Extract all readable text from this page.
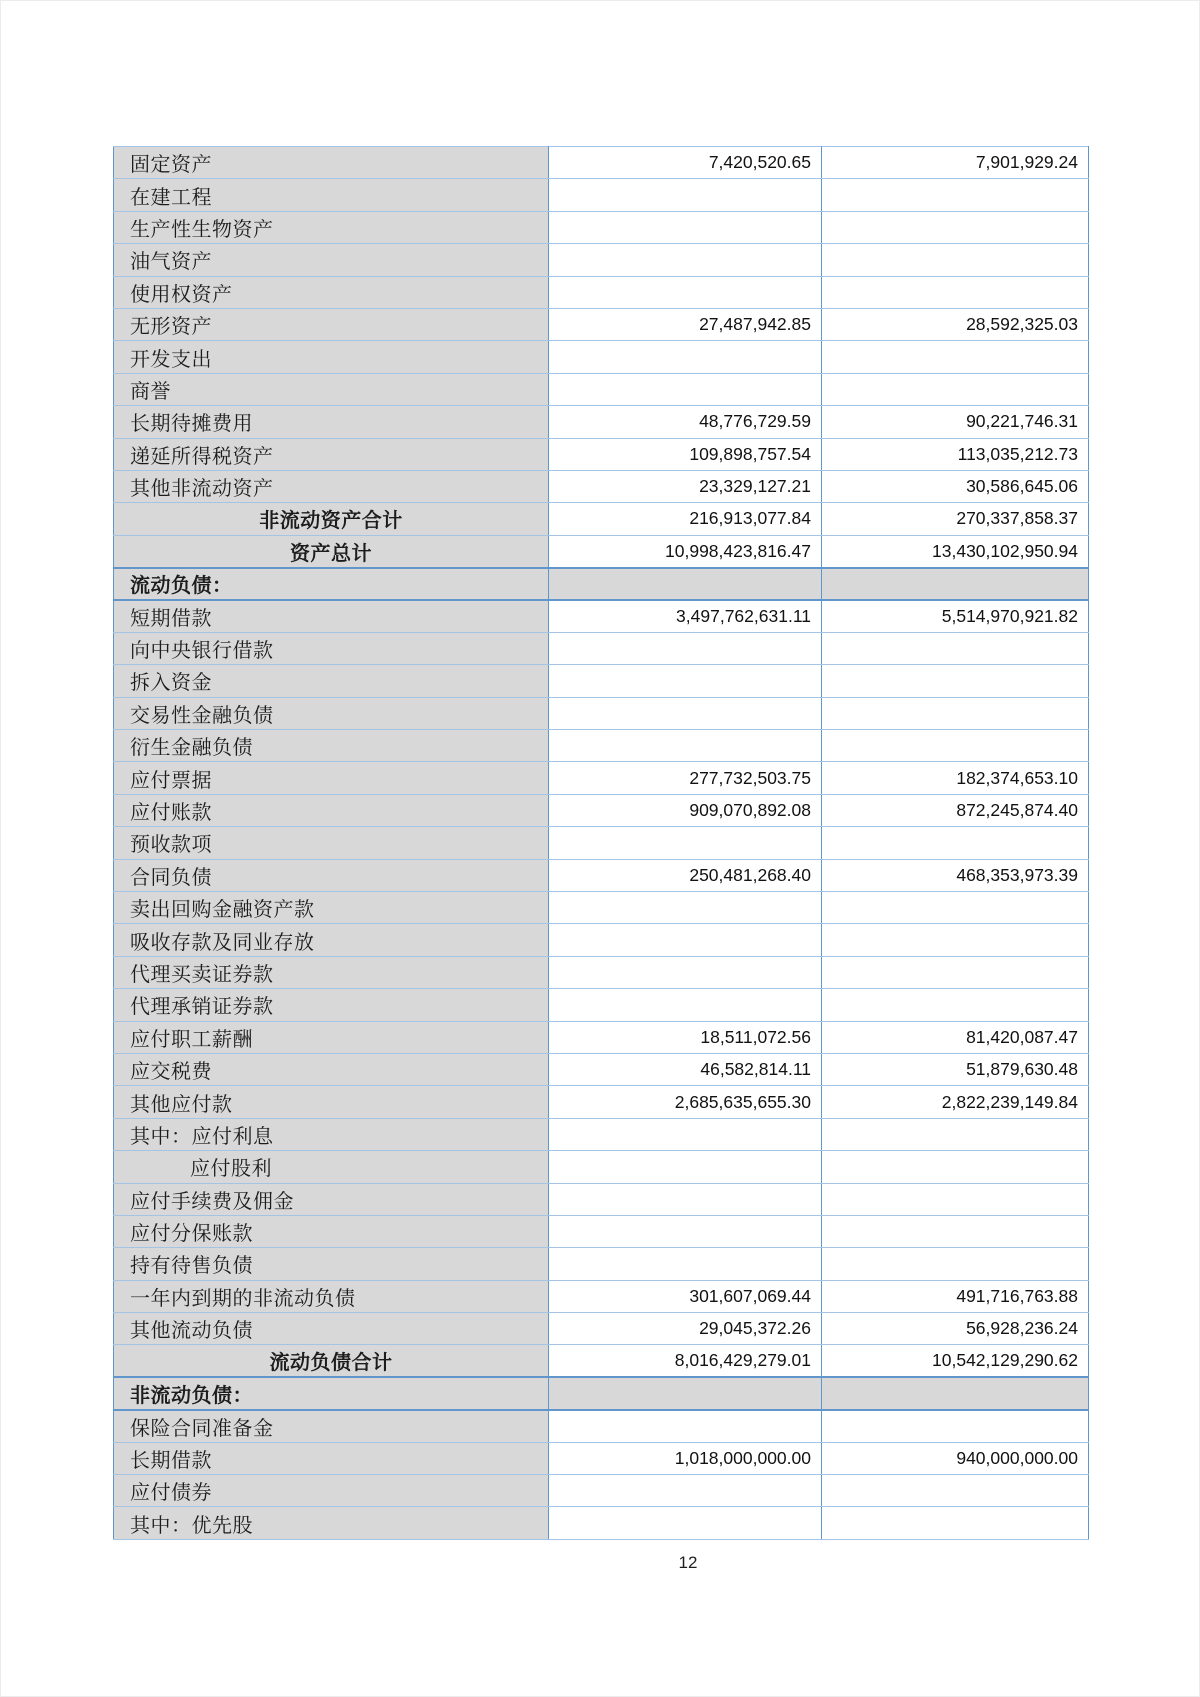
固定资产	7,420,520.65	7,901,929.24
在建工程		
生产性生物资产		
油气资产		
使用权资产		
无形资产	27,487,942.85	28,592,325.03
开发支出		
商誉		
长期待摊费用	48,776,729.59	90,221,746.31
递延所得税资产	109,898,757.54	113,035,212.73
其他非流动资产	23,329,127.21	30,586,645.06
非流动资产合计	216,913,077.84	270,337,858.37
资产总计	10,998,423,816.47	13,430,102,950.94
流动负债：		
短期借款	3,497,762,631.11	5,514,970,921.82
向中央银行借款		
拆入资金		
交易性金融负债		
衍生金融负债		
应付票据	277,732,503.75	182,374,653.10
应付账款	909,070,892.08	872,245,874.40
预收款项		
合同负债	250,481,268.40	468,353,973.39
卖出回购金融资产款		
吸收存款及同业存放		
代理买卖证券款		
代理承销证券款		
应付职工薪酬	18,511,072.56	81,420,087.47
应交税费	46,582,814.11	51,879,630.48
其他应付款	2,685,635,655.30	2,822,239,149.84
其中：应付利息		
应付股利		
应付手续费及佣金		
应付分保账款		
持有待售负债		
一年内到期的非流动负债	301,607,069.44	491,716,763.88
其他流动负债	29,045,372.26	56,928,236.24
流动负债合计	8,016,429,279.01	10,542,129,290.62
非流动负债：		
保险合同准备金		
长期借款	1,018,000,000.00	940,000,000.00
应付债券		
其中：优先股		
12
